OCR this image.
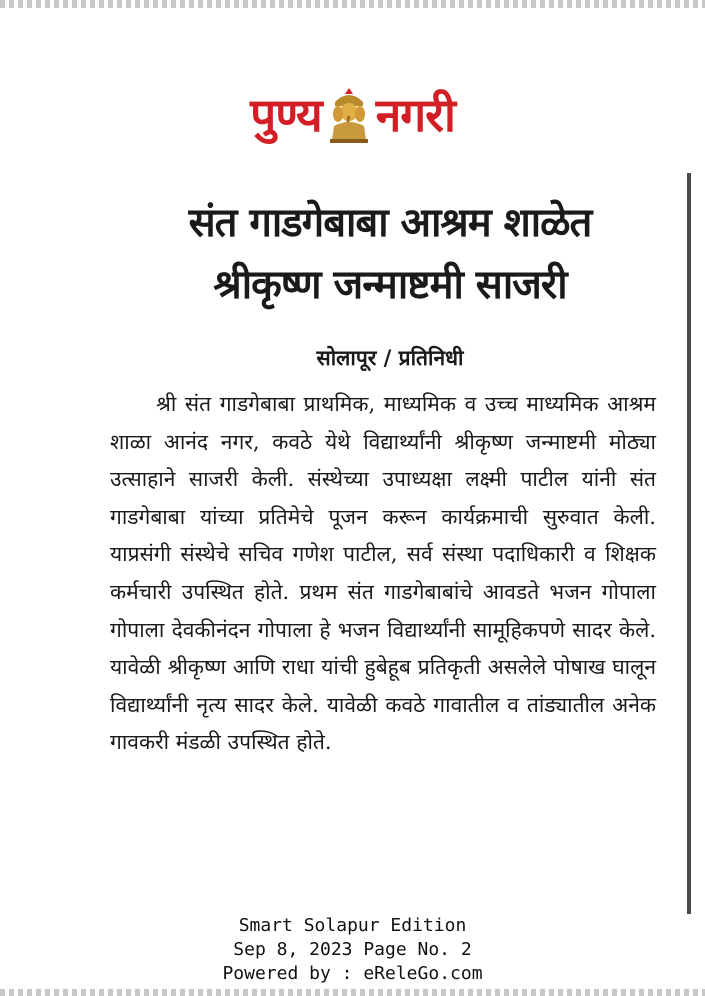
पुण्य नगरी
संत गाडगेबाबा आश्रम शाळेत
श्रीकृष्ण जन्माष्टमी साजरी
सोलापूर / प्रतिनिधी
श्री संत गाडगेबाबा प्राथमिक, माध्यमिक व उच्च माध्यमिक आश्रम शाळा आनंद नगर, कवठे येथे विद्यार्थ्यांनी श्रीकृष्ण जन्माष्टमी मोठ्या उत्साहाने साजरी केली. संस्थेच्या उपाध्यक्षा लक्ष्मी पाटील यांनी संत गाडगेबाबा यांच्या प्रतिमेचे पूजन करून कार्यक्रमाची सुरुवात केली. याप्रसंगी संस्थेचे सचिव गणेश पाटील, सर्व संस्था पदाधिकारी व शिक्षक कर्मचारी उपस्थित होते. प्रथम संत गाडगेबाबांचे आवडते भजन गोपाला गोपाला देवकीनंदन गोपाला हे भजन विद्यार्थ्यांनी सामूहिकपणे सादर केले. यावेळी श्रीकृष्ण आणि राधा यांची हुबेहूब प्रतिकृती असलेले पोषाख घालून विद्यार्थ्यांनी नृत्य सादर केले. यावेळी कवठे गावातील व तांड्यातील अनेक गावकरी मंडळी उपस्थित होते.
Smart Solapur Edition
Sep 8, 2023 Page No. 2
Powered by : eReleGo.com
